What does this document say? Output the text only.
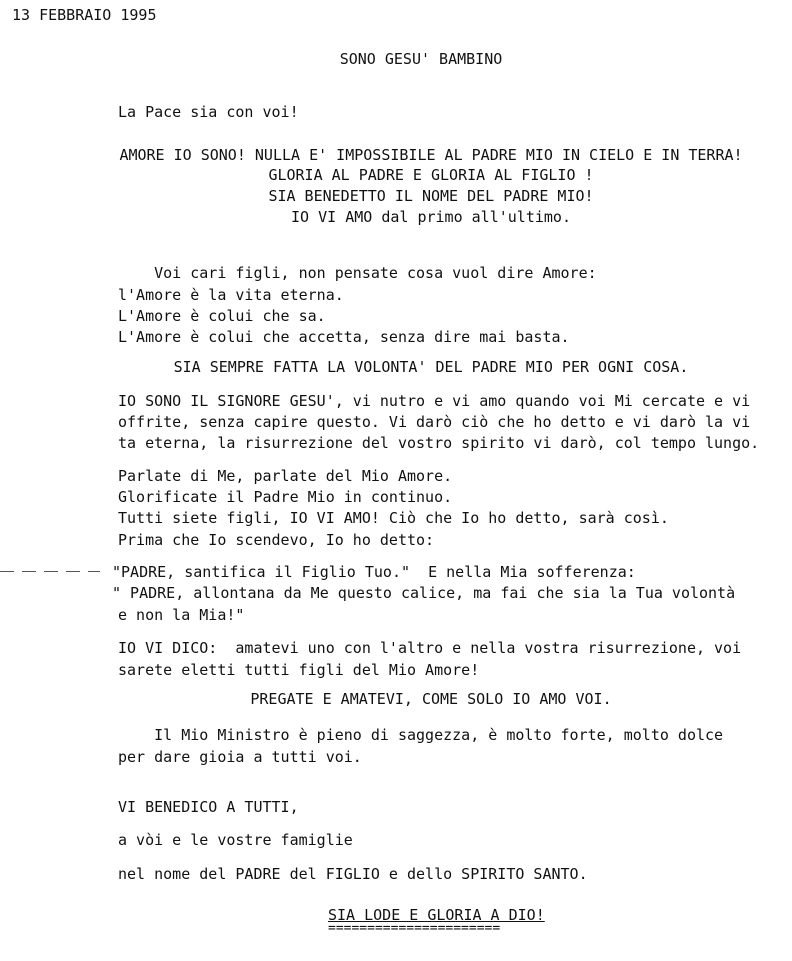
13 FEBBRAIO 1995
SONO GESU' BAMBINO
La Pace sia con voi!
AMORE IO SONO! NULLA E' IMPOSSIBILE AL PADRE MIO IN CIELO E IN TERRA!
GLORIA AL PADRE E GLORIA AL FIGLIO !
SIA BENEDETTO IL NOME DEL PADRE MIO!
IO VI AMO dal primo all'ultimo.
Voi cari figli, non pensate cosa vuol dire Amore:
l'Amore è la vita eterna.
L'Amore è colui che sa.
L'Amore è colui che accetta, senza dire mai basta.
SIA SEMPRE FATTA LA VOLONTA' DEL PADRE MIO PER OGNI COSA.
IO SONO IL SIGNORE GESU', vi nutro e vi amo quando voi Mi cercate e vi
offrite, senza capire questo. Vi darò ciò che ho detto e vi darò la vi
ta eterna, la risurrezione del vostro spirito vi darò, col tempo lungo.
Parlate di Me, parlate del Mio Amore.
Glorificate il Padre Mio in continuo.
Tutti siete figli, IO VI AMO! Ciò che Io ho detto, sarà così.
Prima che Io scendevo, Io ho detto:
"PADRE, santifica il Figlio Tuo."  E nella Mia sofferenza:
" PADRE, allontana da Me questo calice, ma fai che sia la Tua volontà
e non la Mia!"
IO VI DICO:  amatevi uno con l'altro e nella vostra risurrezione, voi
sarete eletti tutti figli del Mio Amore!
PREGATE E AMATEVI, COME SOLO IO AMO VOI.
Il Mio Ministro è pieno di saggezza, è molto forte, molto dolce
per dare gioia a tutti voi.
VI BENEDICO A TUTTI,
a vòi e le vostre famiglie
nel nome del PADRE del FIGLIO e dello SPIRITO SANTO.
SIA LODE E GLORIA A DIO!
======================
